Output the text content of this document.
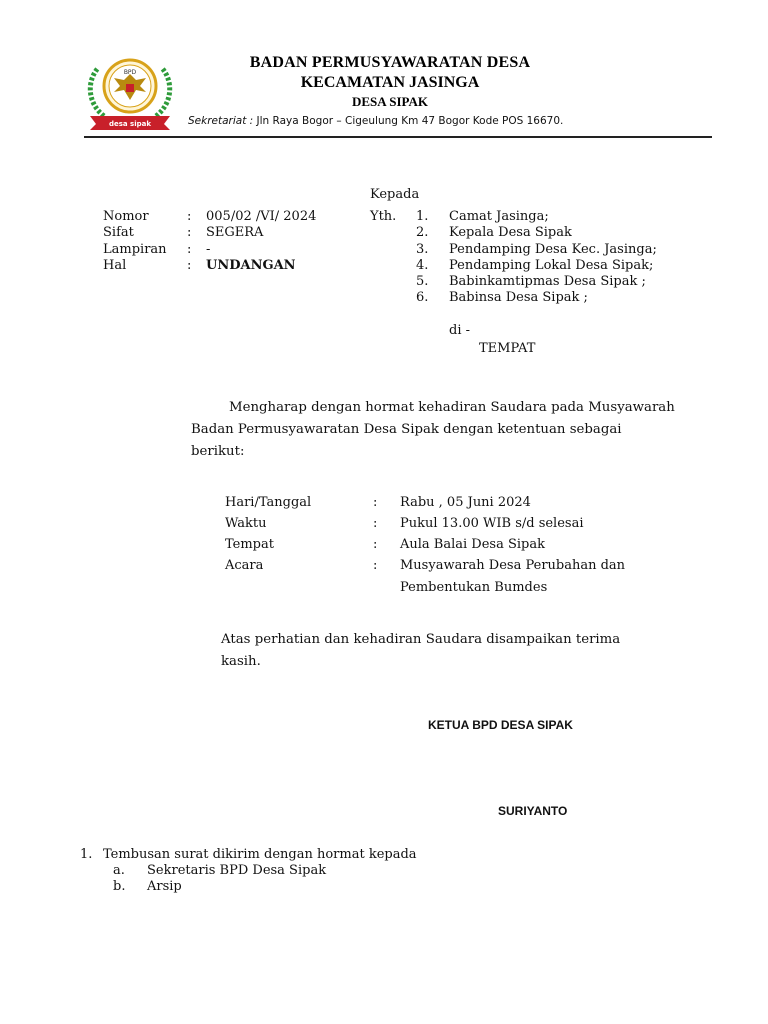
BPD
desa sipak
BADAN PERMUSYAWARATAN DESA
KECAMATAN JASINGA
DESA SIPAK
Sekretariat : Jln Raya Bogor – Cigeulung Km 47 Bogor Kode POS 16670.
Kepada
Nomor	: 005/02 /VI/ 2024
Sifat	: SEGERA
Lampiran : -
Hal	: UNDANGAN
Yth. 1. Camat Jasinga;
2. Kepala Desa Sipak
3. Pendamping Desa Kec. Jasinga;
4. Pendamping Lokal Desa Sipak;
5. Babinkamtipmas Desa Sipak ;
6. Babinsa Desa Sipak ;
di -
TEMPAT
Mengharap dengan hormat kehadiran Saudara pada Musyawarah
Badan Permusyawaratan Desa Sipak dengan ketentuan sebagai
berikut:
Hari/Tanggal	: Rabu , 05 Juni 2024
Waktu	: Pukul 13.00 WIB s/d selesai
Tempat	: Aula Balai Desa Sipak
Acara	: Musyawarah Desa Perubahan dan
Pembentukan Bumdes
Atas perhatian dan kehadiran Saudara disampaikan terima
kasih.
KETUA BPD DESA SIPAK
SURIYANTO
1. Tembusan surat dikirim dengan hormat kepada
a. Sekretaris BPD Desa Sipak
b. Arsip
